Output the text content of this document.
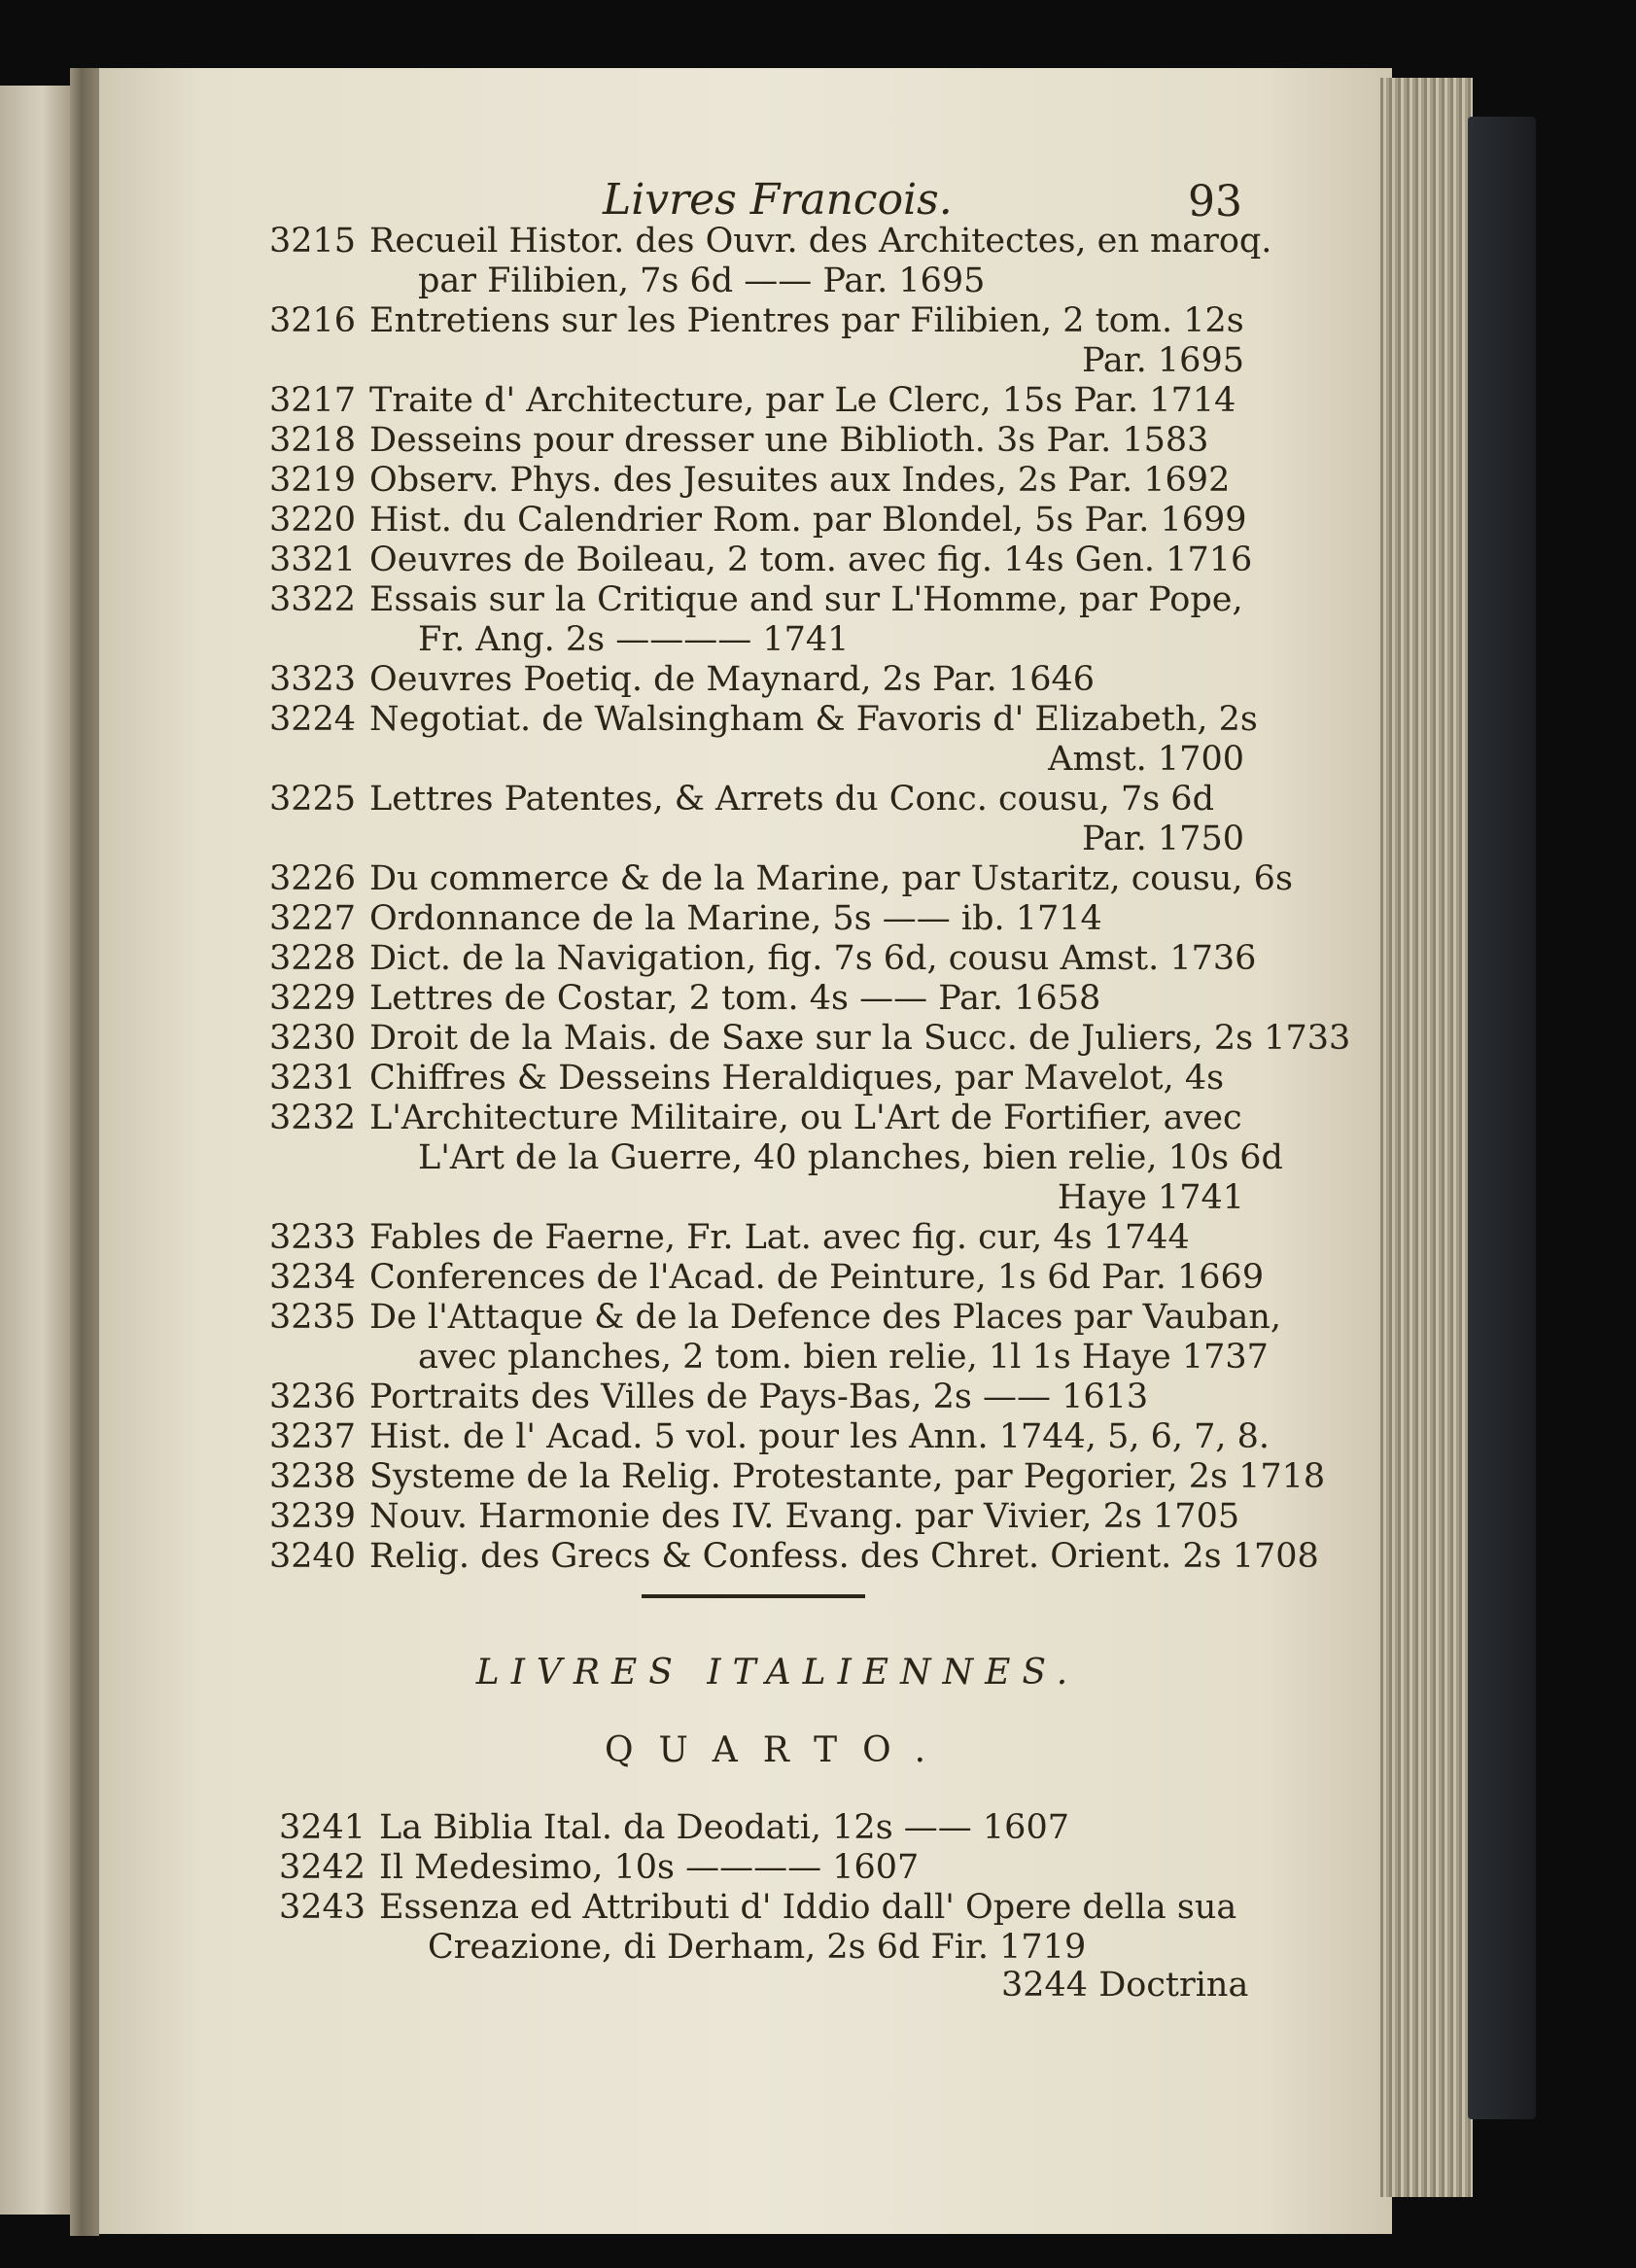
Livres Francois.	93
3215 Recueil Histor. des Ouvr. des Architectes, en maroq.
par Filibien, 7s 6d —— Par. 1695
3216 Entretiens sur les Pientres par Filibien, 2 tom. 12s
Par. 1695
3217 Traite d' Architecture, par Le Clerc, 15s Par. 1714
3218 Desseins pour dresser une Biblioth. 3s Par. 1583
3219 Observ. Phys. des Jesuites aux Indes, 2s Par. 1692
3220 Hist. du Calendrier Rom. par Blondel, 5s Par. 1699
3321 Oeuvres de Boileau, 2 tom. avec fig. 14s Gen. 1716
3322 Essais sur la Critique and sur L'Homme, par Pope,
Fr. Ang. 2s ———— 1741
3323 Oeuvres Poetiq. de Maynard, 2s Par. 1646
3224 Negotiat. de Walsingham & Favoris d' Elizabeth, 2s
Amst. 1700
3225 Lettres Patentes, & Arrets du Conc. cousu, 7s 6d
Par. 1750
3226 Du commerce & de la Marine, par Ustaritz, cousu, 6s
3227 Ordonnance de la Marine, 5s —— ib. 1714
3228 Dict. de la Navigation, fig. 7s 6d, cousu Amst. 1736
3229 Lettres de Costar, 2 tom. 4s —— Par. 1658
3230 Droit de la Mais. de Saxe sur la Succ. de Juliers, 2s 1733
3231 Chiffres & Desseins Heraldiques, par Mavelot, 4s
3232 L'Architecture Militaire, ou L'Art de Fortifier, avec
L'Art de la Guerre, 40 planches, bien relie, 10s 6d
Haye 1741
3233 Fables de Faerne, Fr. Lat. avec fig. cur, 4s 1744
3234 Conferences de l'Acad. de Peinture, 1s 6d Par. 1669
3235 De l'Attaque & de la Defence des Places par Vauban,
avec planches, 2 tom. bien relie, 1l 1s Haye 1737
3236 Portraits des Villes de Pays-Bas, 2s —— 1613
3237 Hist. de l' Acad. 5 vol. pour les Ann. 1744, 5, 6, 7, 8.
3238 Systeme de la Relig. Protestante, par Pegorier, 2s 1718
3239 Nouv. Harmonie des IV. Evang. par Vivier, 2s 1705
3240 Relig. des Grecs & Confess. des Chret. Orient. 2s 1708
LIVRES ITALIENNES.
QUARTO.
3241 La Biblia Ital. da Deodati, 12s —— 1607
3242 Il Medesimo, 10s ———— 1607
3243 Essenza ed Attributi d' Iddio dall' Opere della sua
Creazione, di Derham, 2s 6d Fir. 1719
3244 Doctrina
